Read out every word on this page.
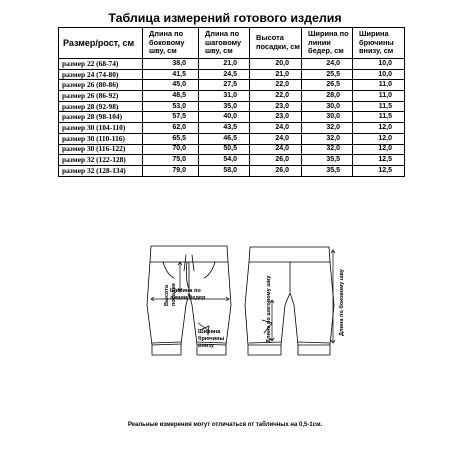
Таблица измерений готового изделия
Размер/рост, см	Длина по боковому шву, см	Длина по шаговому шву, см	Высота посадки, см	Ширина по линии бедер, см	Ширина брючины внизу, см
размер 22 (68-74)	38,0	21,0	20,0	24,0	10,0
размер 24 (74-80)	41,5	24,5	21,0	25,5	10,0
размер 26 (80-86)	45,0	27,5	22,0	26,5	11,0
размер 26 (86-92)	48,5	31,0	22,0	28,0	11,0
размер 28 (92-98)	53,0	35,0	23,0	30,0	11,5
размер 28 (98-104)	57,5	40,0	23,0	30,0	11,5
размер 30 (104-110)	62,0	43,5	24,0	32,0	12,0
размер 30 (110-116)	65,5	46,5	24,0	32,0	12,0
размер 30 (116-122)	70,0	50,5	24,0	32,0	12,0
размер 32 (122-128)	75,0	54,0	26,0	35,5	12,5
размер 32 (128-134)	79,0	58,0	26,0	35,5	12,5
Высота посадки
Ширина по
линии бедер
Ширина
брючины
внизу
Длина по шаговому шву	Длина по боковому шву
Реальные измерения могут отличаться от табличных на 0,5-1см.
